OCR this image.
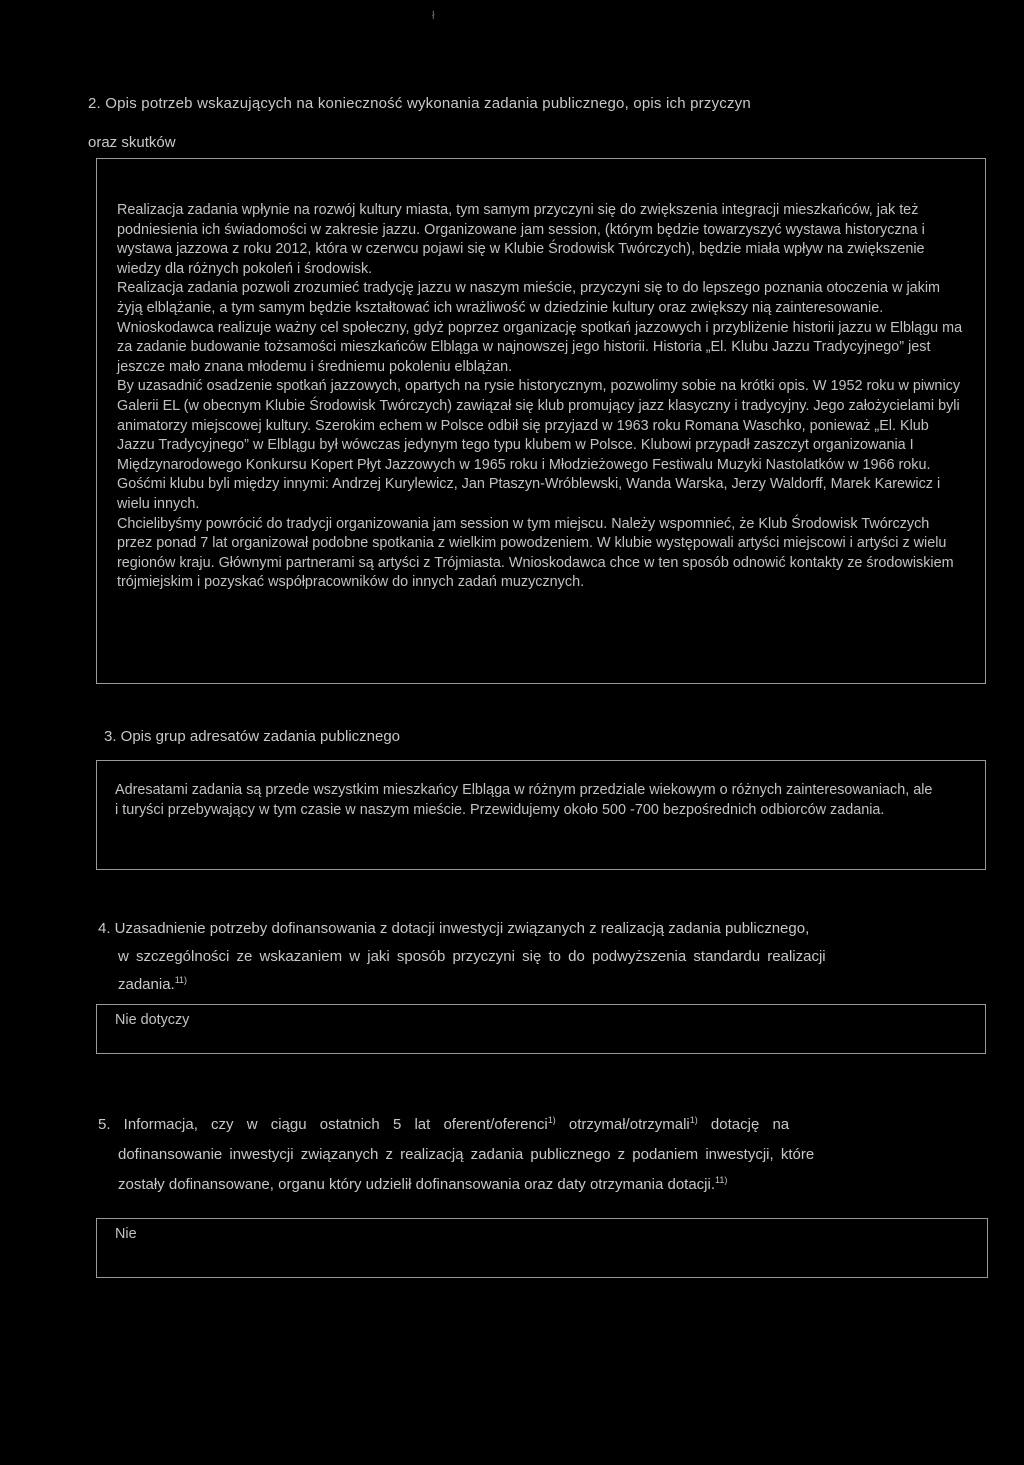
ł

2. Opis potrzeb wskazujących na konieczność wykonania zadania publicznego, opis ich przyczyn

oraz skutków

Realizacja zadania wpłynie na rozwój kultury miasta, tym samym przyczyni się do zwiększenia integracji mieszkańców, jak też podniesienia ich świadomości w zakresie jazzu. Organizowane jam session, (którym będzie towarzyszyć wystawa historyczna i wystawa jazzowa z roku 2012, która w czerwcu pojawi się w Klubie Środowisk Twórczych), będzie miała wpływ na zwiększenie wiedzy dla różnych pokoleń i środowisk.

Realizacja zadania pozwoli zrozumieć tradycję jazzu w naszym mieście, przyczyni się to do lepszego poznania otoczenia w jakim żyją elblążanie, a tym samym będzie kształtować ich wrażliwość w dziedzinie kultury oraz zwiększy nią zainteresowanie.

Wnioskodawca realizuje ważny cel społeczny, gdyż poprzez organizację spotkań jazzowych i przybliżenie historii jazzu w Elblągu ma za zadanie budowanie tożsamości mieszkańców Elbląga w najnowszej jego historii. Historia „El. Klubu Jazzu Tradycyjnego” jest jeszcze mało znana młodemu i średniemu pokoleniu elblążan.

By uzasadnić osadzenie spotkań jazzowych, opartych na rysie historycznym, pozwolimy sobie na krótki opis. W 1952 roku w piwnicy Galerii EL (w obecnym Klubie Środowisk Twórczych) zawiązał się klub promujący jazz klasyczny i tradycyjny. Jego założycielami byli animatorzy miejscowej kultury. Szerokim echem w Polsce odbił się przyjazd w 1963 roku Romana Waschko, ponieważ „El. Klub Jazzu Tradycyjnego” w Elblągu był wówczas jedynym tego typu klubem w Polsce. Klubowi przypadł zaszczyt organizowania I Międzynarodowego Konkursu Kopert Płyt Jazzowych w 1965 roku i Młodzieżowego Festiwalu Muzyki Nastolatków w 1966 roku. Gośćmi klubu byli między innymi: Andrzej Kurylewicz, Jan Ptaszyn-Wróblewski, Wanda Warska, Jerzy Waldorff, Marek Karewicz i wielu innych.

Chcielibyśmy powrócić do tradycji organizowania jam session w tym miejscu. Należy wspomnieć, że Klub Środowisk Twórczych przez ponad 7 lat organizował podobne spotkania z wielkim powodzeniem. W klubie występowali artyści miejscowi i artyści z wielu regionów kraju. Głównymi partnerami są artyści z Trójmiasta. Wnioskodawca chce w ten sposób odnowić kontakty ze środowiskiem trójmiejskim i pozyskać współpracowników do innych zadań muzycznych.

3. Opis grup adresatów zadania publicznego

Adresatami zadania są przede wszystkim mieszkańcy Elbląga w różnym przedziale wiekowym o różnych zainteresowaniach, ale i turyści przebywający w tym czasie w naszym mieście. Przewidujemy około 500 -700 bezpośrednich odbiorców zadania.

4. Uzasadnienie potrzeby dofinansowania z dotacji inwestycji związanych z realizacją zadania publicznego,

w szczególności ze wskazaniem w jaki sposób przyczyni się to do podwyższenia standardu realizacji

zadania.$^{11)}$

Nie dotyczy

5. Informacja, czy w ciągu ostatnich 5 lat oferent/oferenci$^{1)}$ otrzymał/otrzymali$^{1)}$ dotację na

dofinansowanie inwestycji związanych z realizacją zadania publicznego z podaniem inwestycji, które

zostały dofinansowane, organu który udzielił dofinansowania oraz daty otrzymania dotacji.$^{11)}$

Nie
